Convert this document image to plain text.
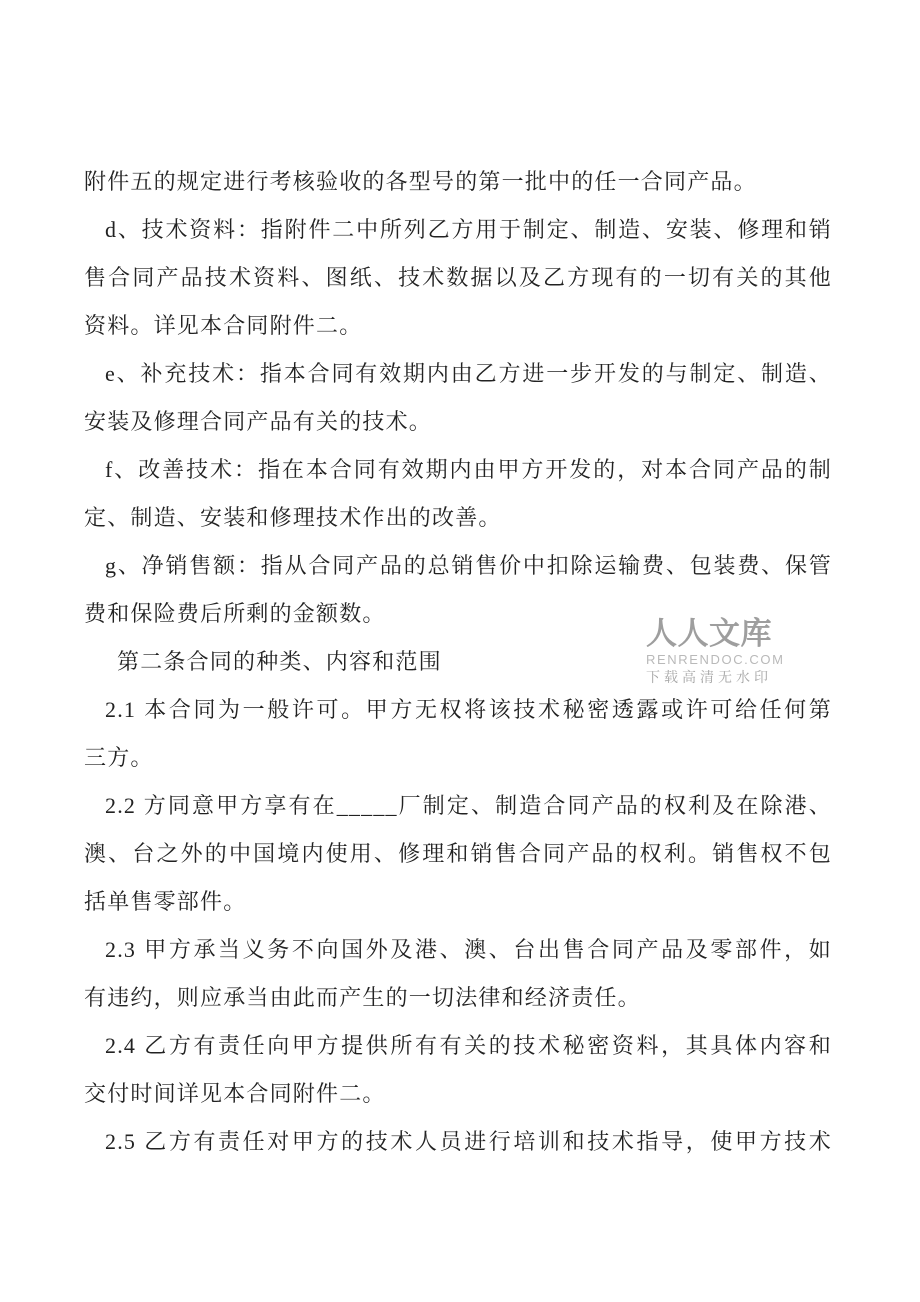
附件五的规定进行考核验收的各型号的第一批中的任一合同产品。
d、技术资料：指附件二中所列乙方用于制定、制造、安装、修理和销
售合同产品技术资料、图纸、技术数据以及乙方现有的一切有关的其他
资料。详见本合同附件二。
e、补充技术：指本合同有效期内由乙方进一步开发的与制定、制造、
安装及修理合同产品有关的技术。
f、改善技术：指在本合同有效期内由甲方开发的，对本合同产品的制
定、制造、安装和修理技术作出的改善。
g、净销售额：指从合同产品的总销售价中扣除运输费、包装费、保管
费和保险费后所剩的金额数。
第二条合同的种类、内容和范围
2.1 本合同为一般许可。甲方无权将该技术秘密透露或许可给任何第
三方。
2.2 方同意甲方享有在_____厂制定、制造合同产品的权利及在除港、
澳、台之外的中国境内使用、修理和销售合同产品的权利。销售权不包
括单售零部件。
2.3 甲方承当义务不向国外及港、澳、台出售合同产品及零部件，如
有违约，则应承当由此而产生的一切法律和经济责任。
2.4 乙方有责任向甲方提供所有有关的技术秘密资料，其具体内容和
交付时间详见本合同附件二。
2.5 乙方有责任对甲方的技术人员进行培训和技术指导，使甲方技术
人人文库
RENRENDOC.COM
下载高清无水印
